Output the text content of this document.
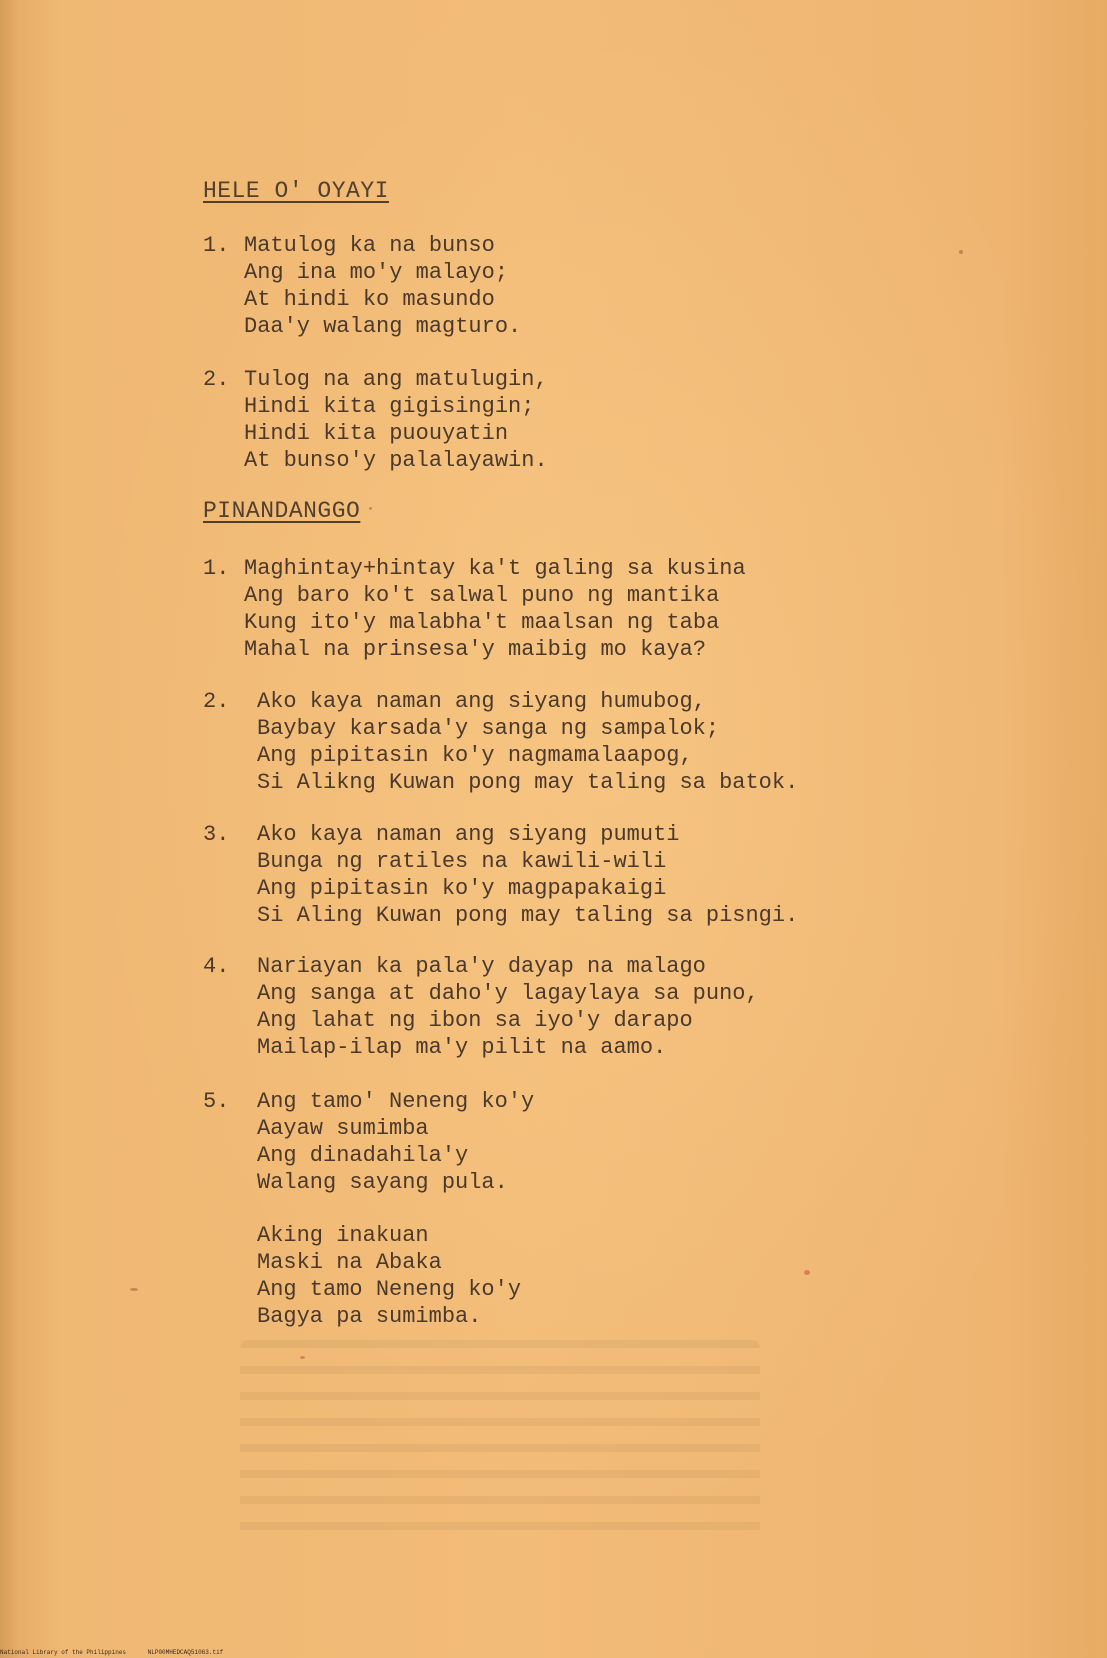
HELE O' OYAYI
1. Matulog ka na bunso
Ang ina mo'y malayo;
At hindi ko masundo
Daa'y walang magturo.
2. Tulog na ang matulugin,
Hindi kita gigisingin;
Hindi kita puouyatin
At bunso'y palalayawin.
PINANDANGGO
1. Maghintay+hintay ka't galing sa kusina
Ang baro ko't salwal puno ng mantika
Kung ito'y malabha't maalsan ng taba
Mahal na prinsesa'y maibig mo kaya?
2.	Ako kaya naman ang siyang humubog,
Baybay karsada'y sanga ng sampalok;
Ang pipitasin ko'y nagmamalaapog,
Si Alikng Kuwan pong may taling sa batok.
3.	Ako kaya naman ang siyang pumuti
Bunga ng ratiles na kawili-wili
Ang pipitasin ko'y magpapakaigi
Si Aling Kuwan pong may taling sa pisngi.
4.	Nariayan ka pala'y dayap na malago
Ang sanga at daho'y lagaylaya sa puno,
Ang lahat ng ibon sa iyo'y darapo
Mailap-ilap ma'y pilit na aamo.
5.	Ang tamo' Neneng ko'y
Aayaw sumimba
Ang dinadahila'y
Walang sayang pula.
Aking inakuan
Maski na Abaka
Ang tamo Neneng ko'y
Bagya pa sumimba.
National Library of the Philippines	NLP00MHEDCAQ51063.tif
